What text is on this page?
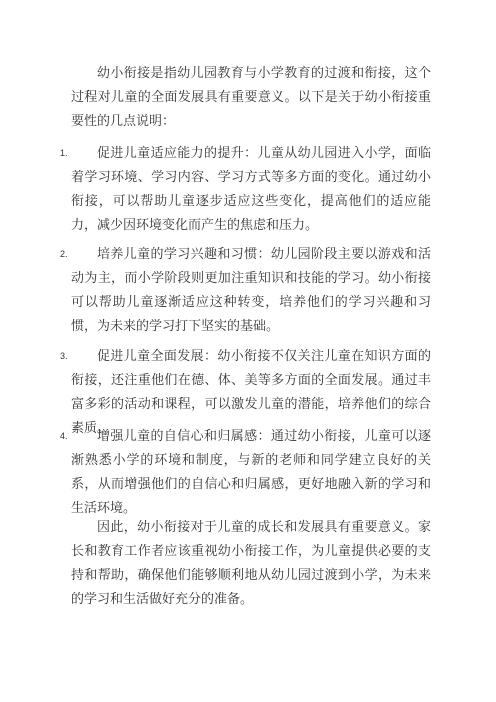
幼小衔接是指幼儿园教育与小学教育的过渡和衔接，这个过程对儿童的全面发展具有重要意义。以下是关于幼小衔接重要性的几点说明：

1.	促进儿童适应能力的提升：儿童从幼儿园进入小学，面临着学习环境、学习内容、学习方式等多方面的变化。通过幼小衔接，可以帮助儿童逐步适应这些变化，提高他们的适应能力，减少因环境变化而产生的焦虑和压力。

2.	培养儿童的学习兴趣和习惯：幼儿园阶段主要以游戏和活动为主，而小学阶段则更加注重知识和技能的学习。幼小衔接可以帮助儿童逐渐适应这种转变，培养他们的学习兴趣和习惯，为未来的学习打下坚实的基础。

3.	促进儿童全面发展：幼小衔接不仅关注儿童在知识方面的衔接，还注重他们在德、体、美等多方面的全面发展。通过丰富多彩的活动和课程，可以激发儿童的潜能，培养他们的综合素质。

4.	增强儿童的自信心和归属感：通过幼小衔接，儿童可以逐渐熟悉小学的环境和制度，与新的老师和同学建立良好的关系，从而增强他们的自信心和归属感，更好地融入新的学习和生活环境。

因此，幼小衔接对于儿童的成长和发展具有重要意义。家长和教育工作者应该重视幼小衔接工作，为儿童提供必要的支持和帮助，确保他们能够顺利地从幼儿园过渡到小学，为未来的学习和生活做好充分的准备。
